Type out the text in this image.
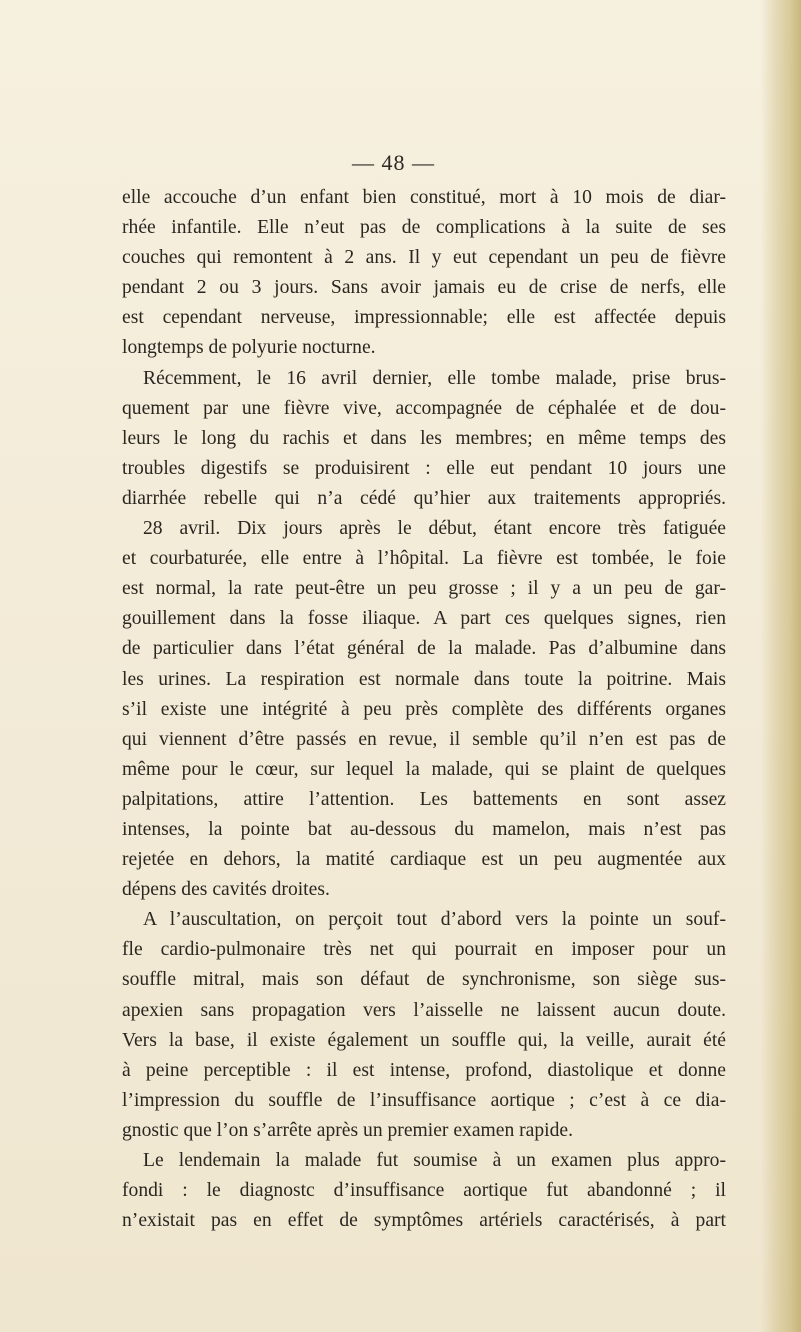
— 48 —
elle accouche d’un enfant bien constitué, mort à 10 mois de diar-
rhée infantile. Elle n’eut pas de complications à la suite de ses
couches qui remontent à 2 ans. Il y eut cependant un peu de fièvre
pendant 2 ou 3 jours. Sans avoir jamais eu de crise de nerfs, elle
est cependant nerveuse, impressionnable; elle est affectée depuis
longtemps de polyurie nocturne.
Récemment, le 16 avril dernier, elle tombe malade, prise brus-
quement par une fièvre vive, accompagnée de céphalée et de dou-
leurs le long du rachis et dans les membres; en même temps des
troubles digestifs se produisirent : elle eut pendant 10 jours une
diarrhée rebelle qui n’a cédé qu’hier aux traitements appropriés.
28 avril. Dix jours après le début, étant encore très fatiguée
et courbaturée, elle entre à l’hôpital. La fièvre est tombée, le foie
est normal, la rate peut-être un peu grosse ; il y a un peu de gar-
gouillement dans la fosse iliaque. A part ces quelques signes, rien
de particulier dans l’état général de la malade. Pas d’albumine dans
les urines. La respiration est normale dans toute la poitrine. Mais
s’il existe une intégrité à peu près complète des différents organes
qui viennent d’être passés en revue, il semble qu’il n’en est pas de
même pour le cœur, sur lequel la malade, qui se plaint de quelques
palpitations, attire l’attention. Les battements en sont assez
intenses, la pointe bat au-dessous du mamelon, mais n’est pas
rejetée en dehors, la matité cardiaque est un peu augmentée aux
dépens des cavités droites.
A l’auscultation, on perçoit tout d’abord vers la pointe un souf-
fle cardio-pulmonaire très net qui pourrait en imposer pour un
souffle mitral, mais son défaut de synchronisme, son siège sus-
apexien sans propagation vers l’aisselle ne laissent aucun doute.
Vers la base, il existe également un souffle qui, la veille, aurait été
à peine perceptible : il est intense, profond, diastolique et donne
l’impression du souffle de l’insuffisance aortique ; c’est à ce dia-
gnostic que l’on s’arrête après un premier examen rapide.
Le lendemain la malade fut soumise à un examen plus appro-
fondi : le diagnostc d’insuffisance aortique fut abandonné ; il
n’existait pas en effet de symptômes artériels caractérisés, à part
